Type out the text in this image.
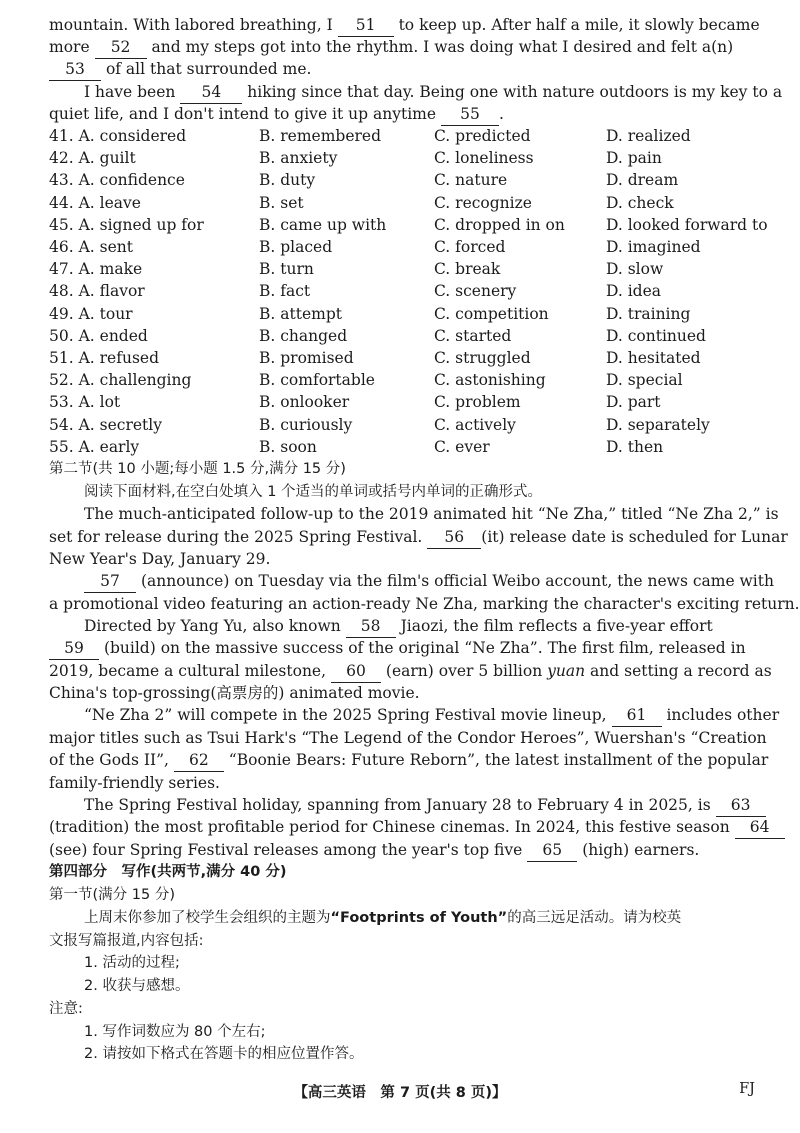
mountain. With labored breathing, I 51 to keep up. After half a mile, it slowly became
more 52 and my steps got into the rhythm. I was doing what I desired and felt a(n)
53 of all that surrounded me.
I have been 54 hiking since that day. Being one with nature outdoors is my key to a
quiet life, and I don't intend to give it up anytime 55 .
41. A. considered	B. remembered	C. predicted	D. realized
42. A. guilt	B. anxiety	C. loneliness	D. pain
43. A. confidence	B. duty	C. nature	D. dream
44. A. leave	B. set	C. recognize	D. check
45. A. signed up for	B. came up with	C. dropped in on	D. looked forward to
46. A. sent	B. placed	C. forced	D. imagined
47. A. make	B. turn	C. break	D. slow
48. A. flavor	B. fact	C. scenery	D. idea
49. A. tour	B. attempt	C. competition	D. training
50. A. ended	B. changed	C. started	D. continued
51. A. refused	B. promised	C. struggled	D. hesitated
52. A. challenging	B. comfortable	C. astonishing	D. special
53. A. lot	B. onlooker	C. problem	D. part
54. A. secretly	B. curiously	C. actively	D. separately
55. A. early	B. soon	C. ever	D. then
第二节(共 10 小题;每小题 1.5 分,满分 15 分)
阅读下面材料,在空白处填入 1 个适当的单词或括号内单词的正确形式。
The much-anticipated follow-up to the 2019 animated hit “Ne Zha,” titled “Ne Zha 2,” is
set for release during the 2025 Spring Festival. 56 (it) release date is scheduled for Lunar
New Year's Day, January 29.
57 (announce) on Tuesday via the film's official Weibo account, the news came with
a promotional video featuring an action-ready Ne Zha, marking the character's exciting return.
Directed by Yang Yu, also known 58 Jiaozi, the film reflects a five-year effort
59 (build) on the massive success of the original “Ne Zha”. The first film, released in
2019, became a cultural milestone, 60 (earn) over 5 billion yuan and setting a record as
China's top-grossing(高票房的) animated movie.
“Ne Zha 2” will compete in the 2025 Spring Festival movie lineup, 61 includes other
major titles such as Tsui Hark's “The Legend of the Condor Heroes”, Wuershan's “Creation
of the Gods II”, 62 “Boonie Bears: Future Reborn”, the latest installment of the popular
family-friendly series.
The Spring Festival holiday, spanning from January 28 to February 4 in 2025, is 63
(tradition) the most profitable period for Chinese cinemas. In 2024, this festive season 64
(see) four Spring Festival releases among the year's top five 65 (high) earners.
第四部分　写作(共两节,满分 40 分)
第一节(满分 15 分)
上周末你参加了校学生会组织的主题为“Footprints of Youth”的高三远足活动。请为校英
文报写篇报道,内容包括:
1. 活动的过程;
2. 收获与感想。
注意:
1. 写作词数应为 80 个左右;
2. 请按如下格式在答题卡的相应位置作答。
【高三英语　第 7 页(共 8 页)】	FJ
